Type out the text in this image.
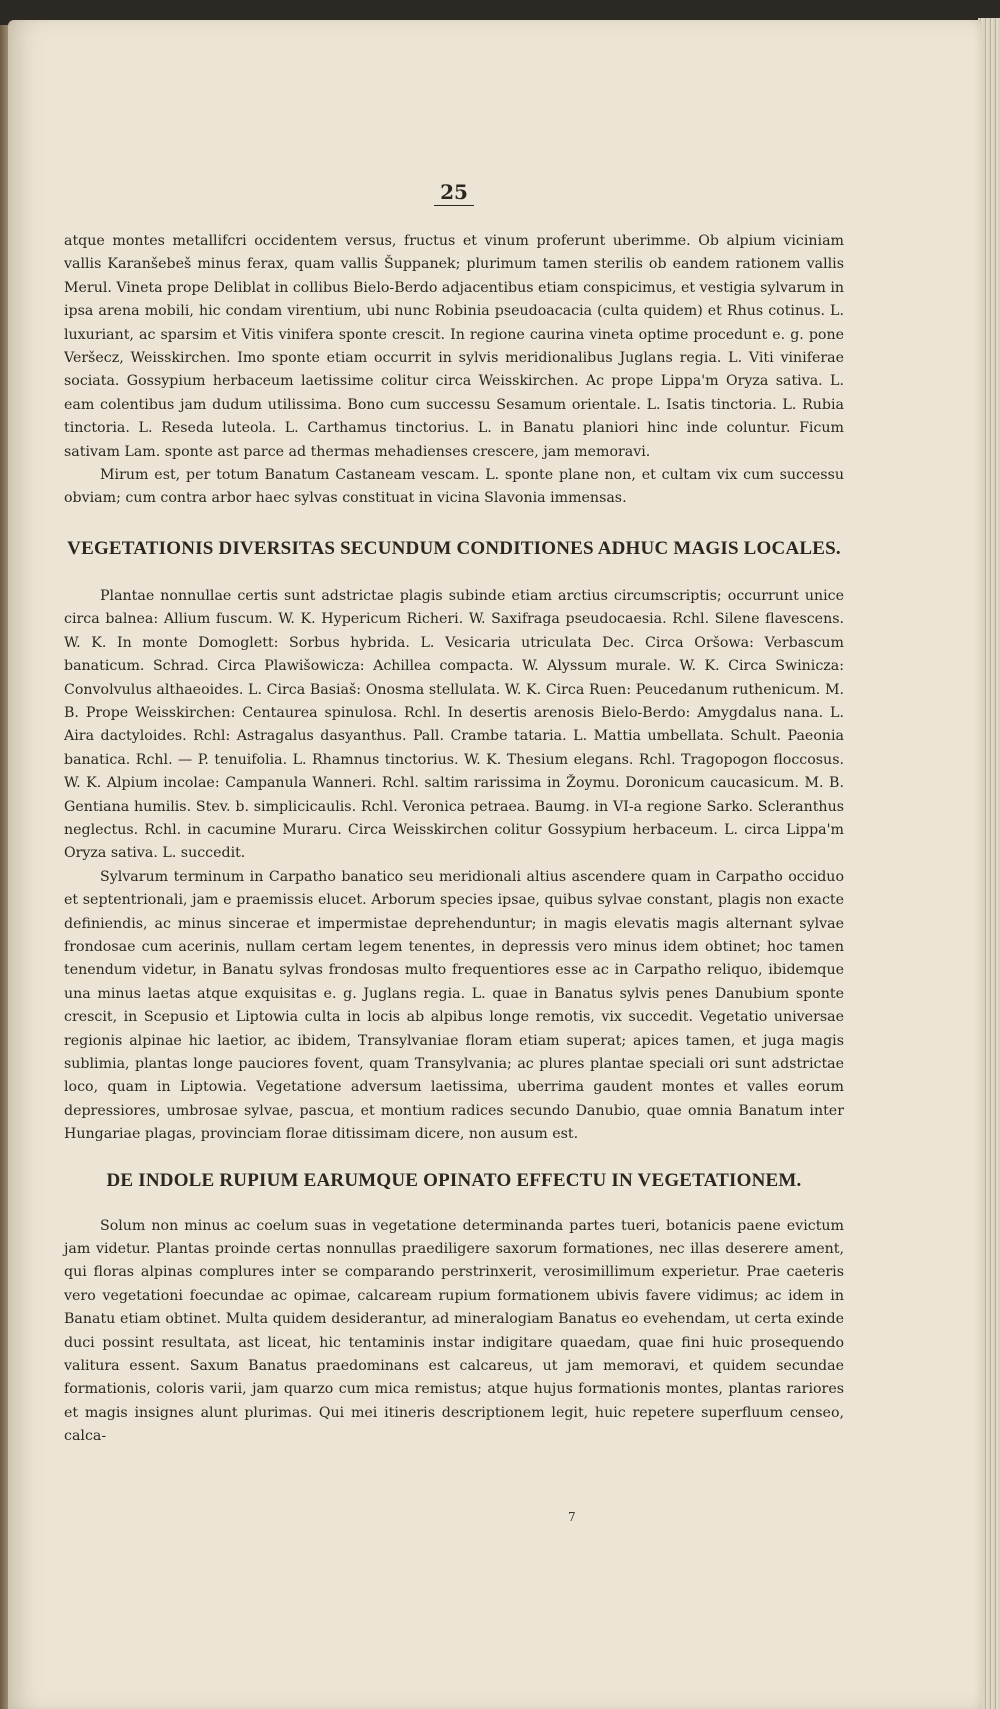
25

atque montes metallifcri occidentem versus, fructus et vinum proferunt uberimme. Ob alpium viciniam vallis Karanšebeš minus ferax, quam vallis Šuppanek; plurimum tamen sterilis ob eandem rationem vallis Merul. Vineta prope Deliblat in collibus Bielo-Berdo adjacentibus etiam conspicimus, et vestigia sylvarum in ipsa arena mobili, hic condam virentium, ubi nunc Robinia pseudoacacia (culta quidem) et Rhus cotinus. L. luxuriant, ac sparsim et Vitis vinifera sponte crescit. In regione caurina vineta optime procedunt e. g. pone Veršecz, Weisskirchen. Imo sponte etiam occurrit in sylvis meridionalibus Juglans regia. L. Viti viniferae sociata. Gossypium herbaceum laetissime colitur circa Weisskirchen. Ac prope Lippa'm Oryza sativa. L. eam colentibus jam dudum utilissima. Bono cum successu Sesamum orientale. L. Isatis tinctoria. L. Rubia tinctoria. L. Reseda luteola. L. Carthamus tinctorius. L. in Banatu planiori hinc inde coluntur. Ficum sativam Lam. sponte ast parce ad thermas mehadienses crescere, jam memoravi.

Mirum est, per totum Banatum Castaneam vescam. L. sponte plane non, et cultam vix cum successu obviam; cum contra arbor haec sylvas constituat in vicina Slavonia immensas.

VEGETATIONIS DIVERSITAS SECUNDUM CONDITIONES ADHUC MAGIS LOCALES.

Plantae nonnullae certis sunt adstrictae plagis subinde etiam arctius circumscriptis; occurrunt unice circa balnea: Allium fuscum. W. K. Hypericum Richeri. W. Saxifraga pseudocaesia. Rchl. Silene flavescens. W. K. In monte Domoglett: Sorbus hybrida. L. Vesicaria utriculata Dec. Circa Oršowa: Verbascum banaticum. Schrad. Circa Plawišowicza: Achillea compacta. W. Alyssum murale. W. K. Circa Swinicza: Convolvulus althaeoides. L. Circa Basiaš: Onosma stellulata. W. K. Circa Ruen: Peucedanum ruthenicum. M. B. Prope Weisskirchen: Centaurea spinulosa. Rchl. In desertis arenosis Bielo-Berdo: Amygdalus nana. L. Aira dactyloides. Rchl: Astragalus dasyanthus. Pall. Crambe tataria. L. Mattia umbellata. Schult. Paeonia banatica. Rchl. — P. tenuifolia. L. Rhamnus tinctorius. W. K. Thesium elegans. Rchl. Tragopogon floccosus. W. K. Alpium incolae: Campanula Wanneri. Rchl. saltim rarissima in Žoymu. Doronicum caucasicum. M. B. Gentiana humilis. Stev. b. simplicicaulis. Rchl. Veronica petraea. Baumg. in VI-a regione Sarko. Scleranthus neglectus. Rchl. in cacumine Muraru. Circa Weisskirchen colitur Gossypium herbaceum. L. circa Lippa'm Oryza sativa. L. succedit.

Sylvarum terminum in Carpatho banatico seu meridionali altius ascendere quam in Carpatho occiduo et septentrionali, jam e praemissis elucet. Arborum species ipsae, quibus sylvae constant, plagis non exacte definiendis, ac minus sincerae et impermistae deprehenduntur; in magis elevatis magis alternant sylvae frondosae cum acerinis, nullam certam legem tenentes, in depressis vero minus idem obtinet; hoc tamen tenendum videtur, in Banatu sylvas frondosas multo frequentiores esse ac in Carpatho reliquo, ibidemque una minus laetas atque exquisitas e. g. Juglans regia. L. quae in Banatus sylvis penes Danubium sponte crescit, in Scepusio et Liptowia culta in locis ab alpibus longe remotis, vix succedit. Vegetatio universae regionis alpinae hic laetior, ac ibidem, Transylvaniae floram etiam superat; apices tamen, et juga magis sublimia, plantas longe pauciores fovent, quam Transylvania; ac plures plantae speciali ori sunt adstrictae loco, quam in Liptowia. Vegetatione adversum laetissima, uberrima gaudent montes et valles eorum depressiores, umbrosae sylvae, pascua, et montium radices secundo Danubio, quae omnia Banatum inter Hungariae plagas, provinciam florae ditissimam dicere, non ausum est.

DE INDOLE RUPIUM EARUMQUE OPINATO EFFECTU IN VEGETATIONEM.

Solum non minus ac coelum suas in vegetatione determinanda partes tueri, botanicis paene evictum jam videtur. Plantas proinde certas nonnullas praediligere saxorum formationes, nec illas deserere ament, qui floras alpinas complures inter se comparando perstrinxerit, verosimillimum experietur. Prae caeteris vero vegetationi foecundae ac opimae, calcaream rupium formationem ubivis favere vidimus; ac idem in Banatu etiam obtinet. Multa quidem desiderantur, ad mineralogiam Banatus eo evehendam, ut certa exinde duci possint resultata, ast liceat, hic tentaminis instar indigitare quaedam, quae fini huic prosequendo valitura essent. Saxum Banatus praedominans est calcareus, ut jam memoravi, et quidem secundae formationis, coloris varii, jam quarzo cum mica remistus; atque hujus formationis montes, plantas rariores et magis insignes alunt plurimas. Qui mei itineris descriptionem legit, huic repetere superfluum censeo, calca-

7
